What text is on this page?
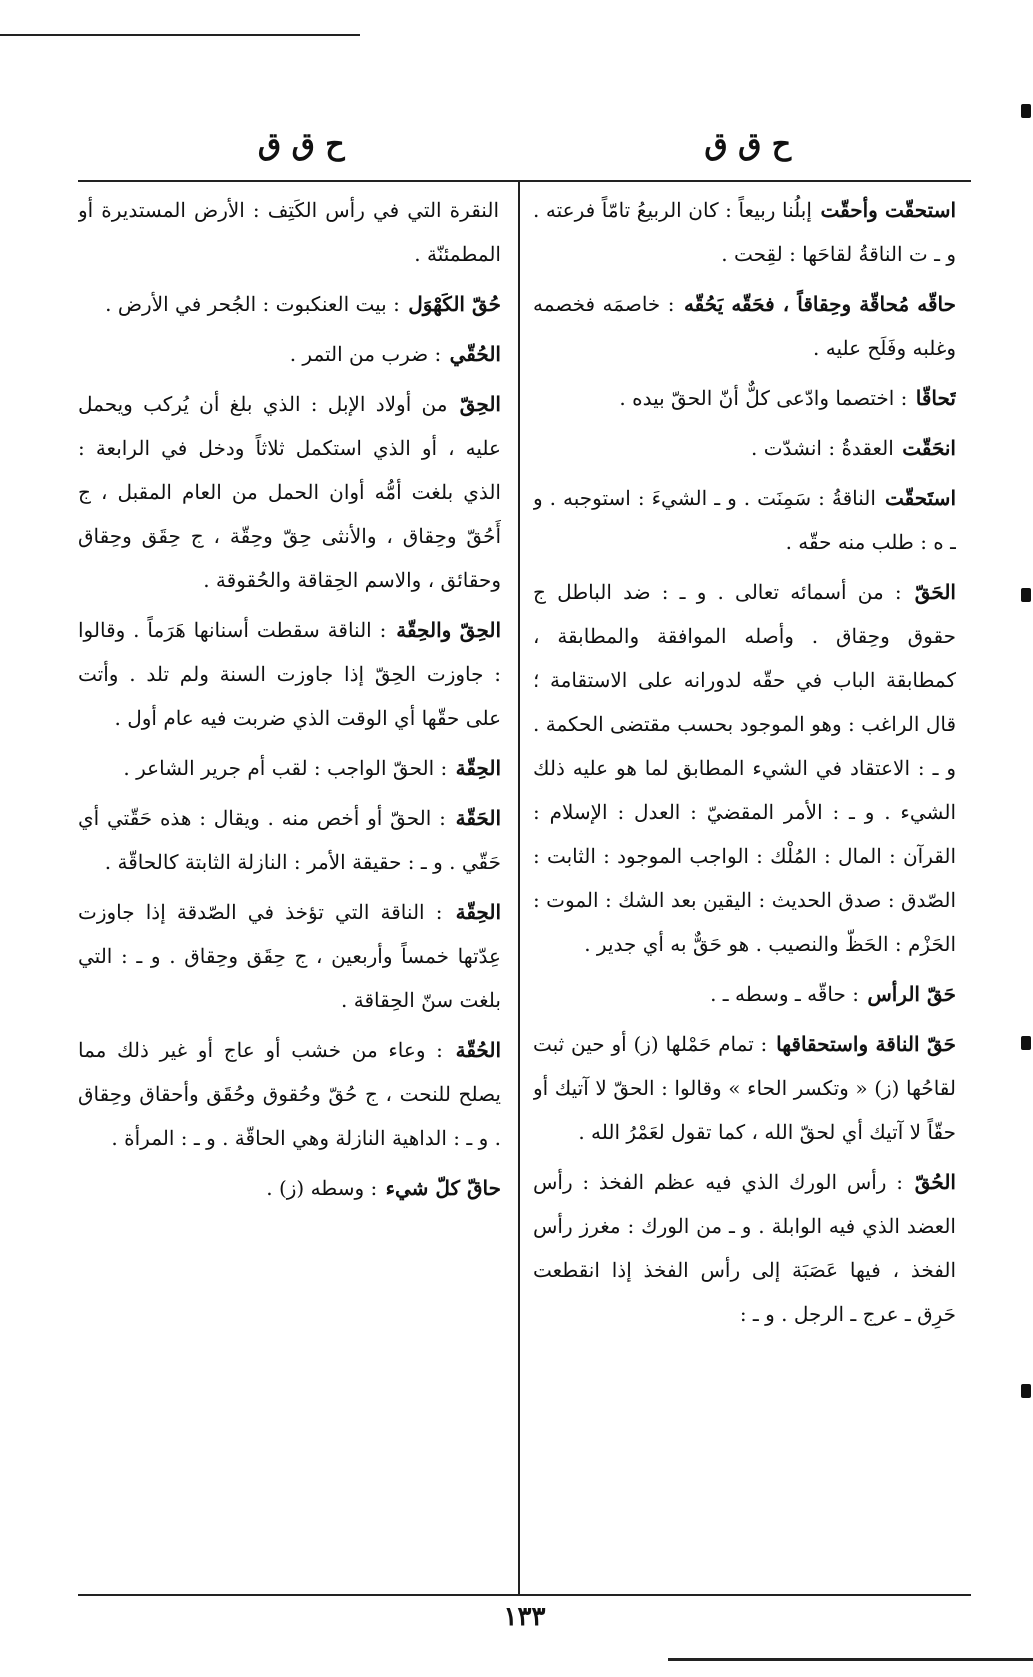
ح ق ق
ح ق ق

استحقّت وأحقّت إبلُنا ربيعاً : كان الربيعُ تامّاً فرعته . و ـ ت الناقةُ لقاحَها : لقِحت .

حاقّه مُحاقّة وحِقاقاً ، فحَقّه يَحُقّه : خاصمَه فخصمه وغلبه وفَلَح عليه .

تَحاقّا : اختصما وادّعى كلٌّ أنّ الحقّ بيده .

انحَقّت العقدةُ : انشدّت .

استَحقّت الناقةُ : سَمِنَت . و ـ الشيءَ : استوجبه . و ـ ه : طلب منه حقّه .

الحَقّ : من أسمائه تعالى . و ـ : ضد الباطل ج حقوق وحِقاق . وأصله الموافقة والمطابقة ، كمطابقة الباب في حقّه لدورانه على الاستقامة ؛ قال الراغب : وهو الموجود بحسب مقتضى الحكمة . و ـ : الاعتقاد في الشيء المطابق لما هو عليه ذلك الشيء . و ـ : الأمر المقضيّ : العدل : الإسلام : القرآن : المال : المُلْك : الواجب الموجود : الثابت : الصّدق : صدق الحديث : اليقين بعد الشك : الموت : الحَزْم : الحَظّ والنصيب . هو حَقٌّ به أي جدير .

حَقّ الرأس : حاقّه ـ وسطه ـ .

حَقّ الناقة واستحقاقها : تمام حَمْلها (ز) أو حين ثبت لقاحُها (ز) « وتكسر الحاء » وقالوا : الحقّ لا آتيك أو حقّاً لا آتيك أي لحقّ الله ، كما تقول لعَمْرُ الله .

الحُقّ : رأس الورك الذي فيه عظم الفخذ : رأس العضد الذي فيه الوابلة . و ـ من الورك : مغرز رأس الفخذ ، فيها عَصَبَة إلى رأس الفخذ إذا انقطعت حَرِق ـ عرج ـ الرجل . و ـ :

النقرة التي في رأس الكَتِف : الأرض المستديرة أو المطمئنّة .

حُقّ الكَهْوَل : بيت العنكبوت : الجُحر في الأرض .

الحُقّي : ضرب من التمر .

الحِقّ من أولاد الإبل : الذي بلغ أن يُركب ويحمل عليه ، أو الذي استكمل ثلاثاً ودخل في الرابعة : الذي بلغت أمُّه أوان الحمل من العام المقبل ، ج أَحُقّ وحِقاق ، والأنثى حِقّ وحِقّة ، ج حِقَق وحِقاق وحقائق ، والاسم الحِقاقة والحُقوقة .

الحِقّ والحِقّة : الناقة سقطت أسنانها هَرَماً . وقالوا : جاوزت الحِقّ إذا جاوزت السنة ولم تلد . وأتت على حقّها أي الوقت الذي ضربت فيه عام أول .

الحِقّة : الحقّ الواجب : لقب أم جرير الشاعر .

الحَقّة : الحقّ أو أخص منه . ويقال : هذه حَقّتي أي حَقّي . و ـ : حقيقة الأمر : النازلة الثابتة كالحاقّة .

الحِقّة : الناقة التي تؤخذ في الصّدقة إذا جاوزت عِدّتها خمساً وأربعين ، ج حِقَق وحِقاق . و ـ : التي بلغت سنّ الحِقاقة .

الحُقّة : وعاء من خشب أو عاج أو غير ذلك مما يصلح للنحت ، ج حُقّ وحُقوق وحُقَق وأحقاق وحِقاق . و ـ : الداهية النازلة وهي الحاقّة . و ـ : المرأة .

حاقّ كلّ شيء : وسطه (ز) .

١٣٣
